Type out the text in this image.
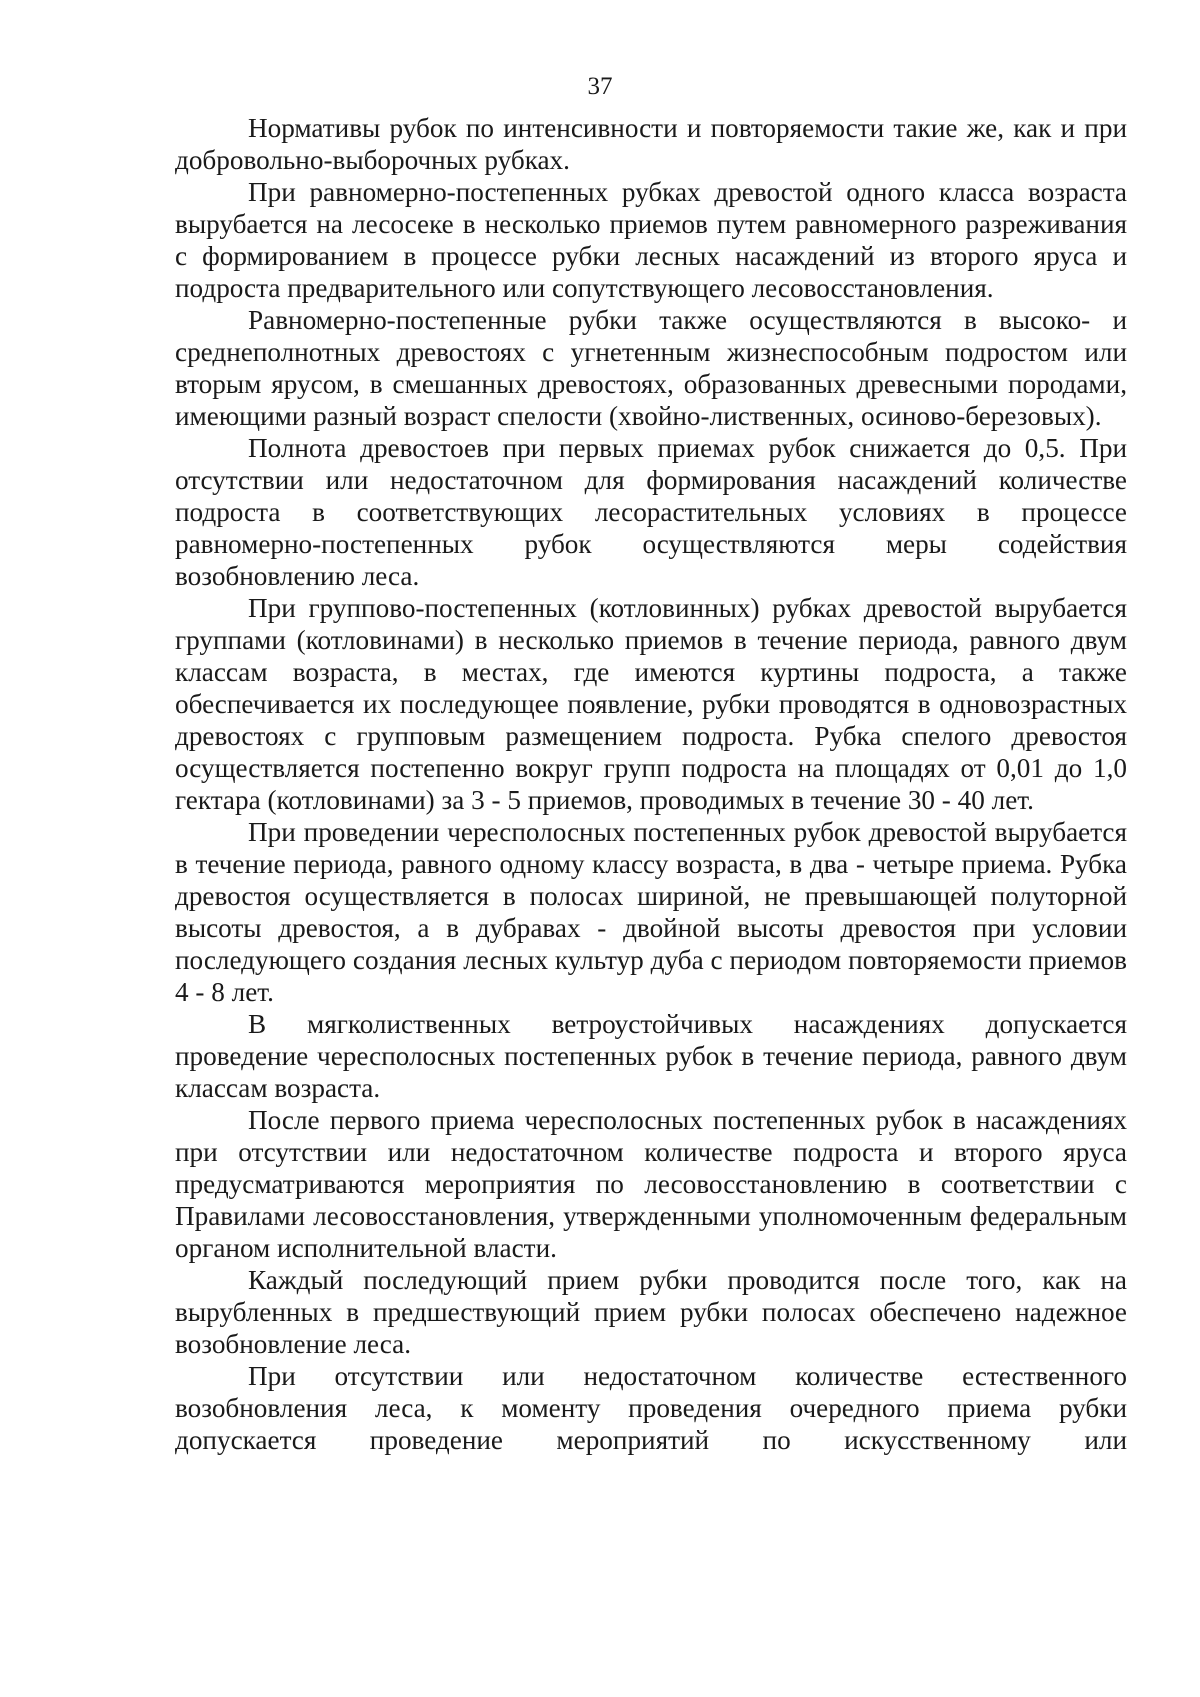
37

Нормативы рубок по интенсивности и повторяемости такие же, как и при добровольно-выборочных рубках.

При равномерно-постепенных рубках древостой одного класса возраста вырубается на лесосеке в несколько приемов путем равномерного разреживания с формированием в процессе рубки лесных насаждений из второго яруса и подроста предварительного или сопутствующего лесовосстановления.

Равномерно-постепенные рубки также осуществляются в высоко- и среднеполнотных древостоях с угнетенным жизнеспособным подростом или вторым ярусом, в смешанных древостоях, образованных древесными породами, имеющими разный возраст спелости (хвойно-лиственных, осиново-березовых).

Полнота древостоев при первых приемах рубок снижается до 0,5. При отсутствии или недостаточном для формирования насаждений количестве подроста в соответствующих лесорастительных условиях в процессе равномерно-постепенных рубок осуществляются меры содействия возобновлению леса.

При группово-постепенных (котловинных) рубках древостой вырубается группами (котловинами) в несколько приемов в течение периода, равного двум классам возраста, в местах, где имеются куртины подроста, а также обеспечивается их последующее появление, рубки проводятся в одновозрастных древостоях с групповым размещением подроста. Рубка спелого древостоя осуществляется постепенно вокруг групп подроста на площадях от 0,01 до 1,0 гектара (котловинами) за 3 - 5 приемов, проводимых в течение 30 - 40 лет.

При проведении чересполосных постепенных рубок древостой вырубается в течение периода, равного одному классу возраста, в два - четыре приема. Рубка древостоя осуществляется в полосах шириной, не превышающей полуторной высоты древостоя, а в дубравах - двойной высоты древостоя при условии последующего создания лесных культур дуба с периодом повторяемости приемов 4 - 8 лет.

В мягколиственных ветроустойчивых насаждениях допускается проведение чересполосных постепенных рубок в течение периода, равного двум классам возраста.

После первого приема чересполосных постепенных рубок в насаждениях при отсутствии или недостаточном количестве подроста и второго яруса предусматриваются мероприятия по лесовосстановлению в соответствии с Правилами лесовосстановления, утвержденными уполномоченным федеральным органом исполнительной власти.

Каждый последующий прием рубки проводится после того, как на вырубленных в предшествующий прием рубки полосах обеспечено надежное возобновление леса.

При отсутствии или недостаточном количестве естественного возобновления леса, к моменту проведения очередного приема рубки допускается проведение мероприятий по искусственному или
